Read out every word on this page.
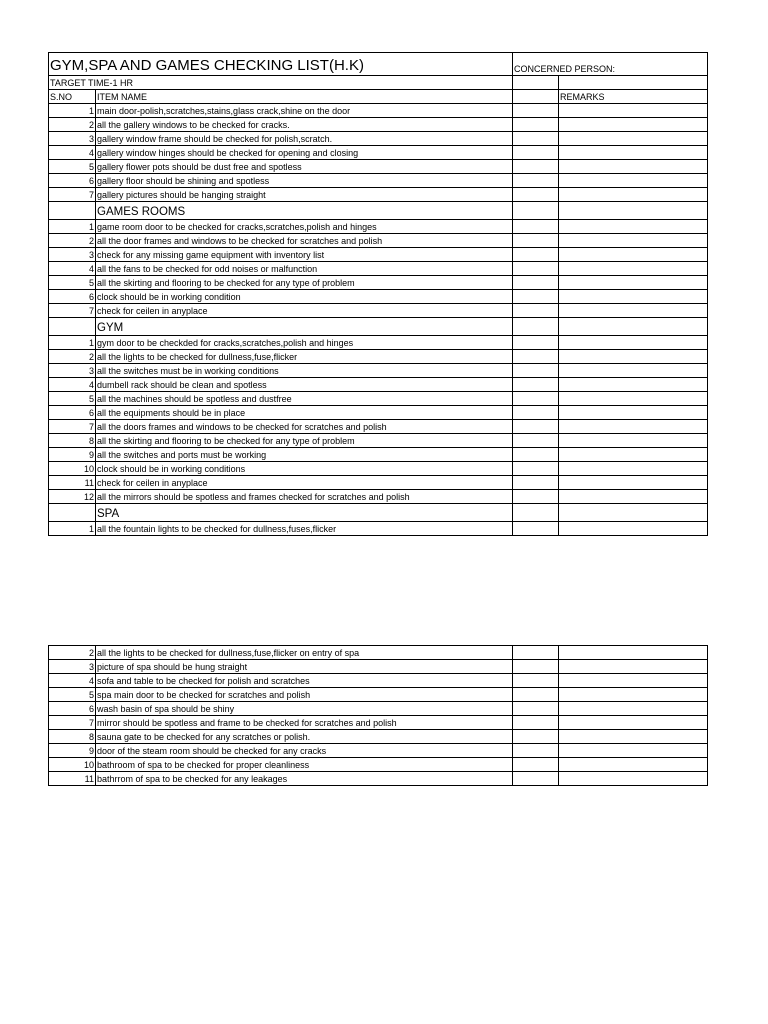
GYM,SPA AND GAMES CHECKING LIST(H.K)		CONCERNED PERSON:	
TARGET TIME-1 HR			
S.NO	ITEM NAME		REMARKS
1	main door-polish,scratches,stains,glass crack,shine on the door		
2	all the gallery windows to be checked for cracks.		
3	gallery window frame should be checked for polish,scratch.		
4	gallery window hinges should be checked for opening and closing		
5	gallery flower pots should be dust free and spotless		
6	gallery floor should be shining and spotless		
7	gallery pictures should be hanging straight		
	GAMES ROOMS		
1	game room door to be checked for cracks,scratches,polish and hinges		
2	all the door frames and windows to be checked for scratches and polish		
3	check for any missing game equipment with inventory list		
4	all the fans to be checked for odd noises or malfunction		
5	all the skirting and flooring to be checked for any type of problem		
6	clock should be in working condition		
7	check for ceilen in anyplace		
	GYM		
1	gym door to be checkded for cracks,scratches,polish and hinges		
2	all the lights to be checked for dullness,fuse,flicker		
3	all the switches must be in working conditions		
4	dumbell rack should be clean and spotless		
5	all the machines should be spotless and dustfree		
6	all the equipments should be in place		
7	all the doors frames and windows to be checked for scratches and polish		
8	all the skirting and flooring to be checked for any type of problem		
9	all the switches and ports must be working		
10	clock should be in working conditions		
11	check for ceilen in anyplace		
12	all the mirrors should be spotless and frames checked for scratches and polish		
	SPA		
1	all the fountain lights to be checked for dullness,fuses,flicker		
2	all the lights to be checked for dullness,fuse,flicker on entry of spa		
3	picture of spa should be hung straight		
4	sofa and table to be checked for polish and scratches		
5	spa main door to be checked for scratches and polish		
6	wash basin of spa should be shiny		
7	mirror should be spotless and frame to be checked for scratches and polish		
8	sauna gate to be checked for any scratches or polish.		
9	door of the steam room should be checked for any cracks		
10	bathroom of spa to be checked for proper cleanliness		
11	bathrrom of spa to be checked for any leakages		
